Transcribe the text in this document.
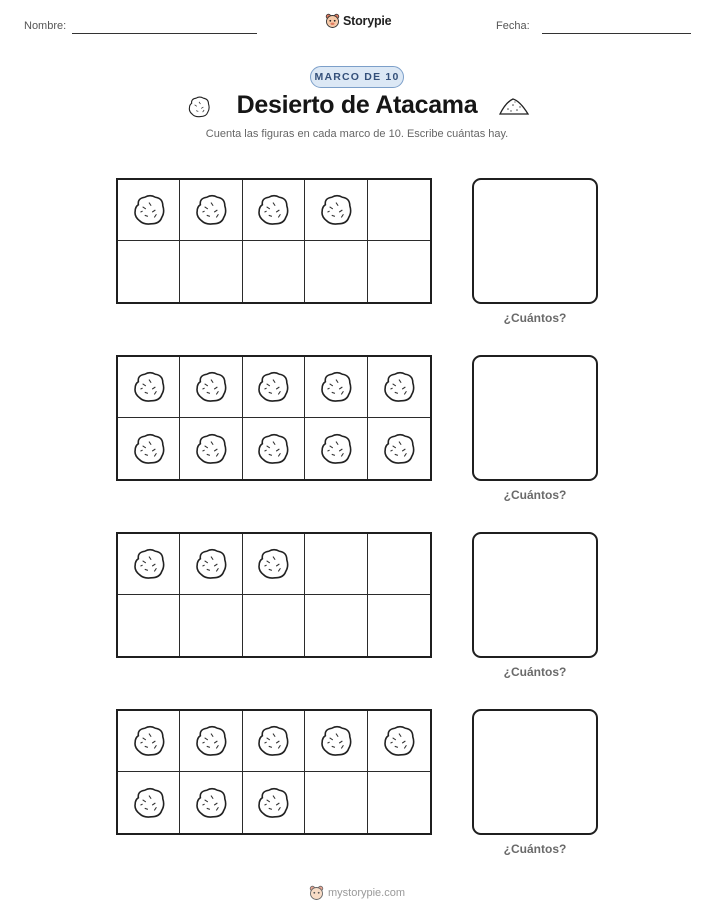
Nombre:	Storypie	Fecha:
MARCO DE 10
Desierto de Atacama
Cuenta las figuras en cada marco de 10. Escribe cuántas hay.
¿Cuántos?
¿Cuántos?
¿Cuántos?
¿Cuántos?
mystorypie.com
